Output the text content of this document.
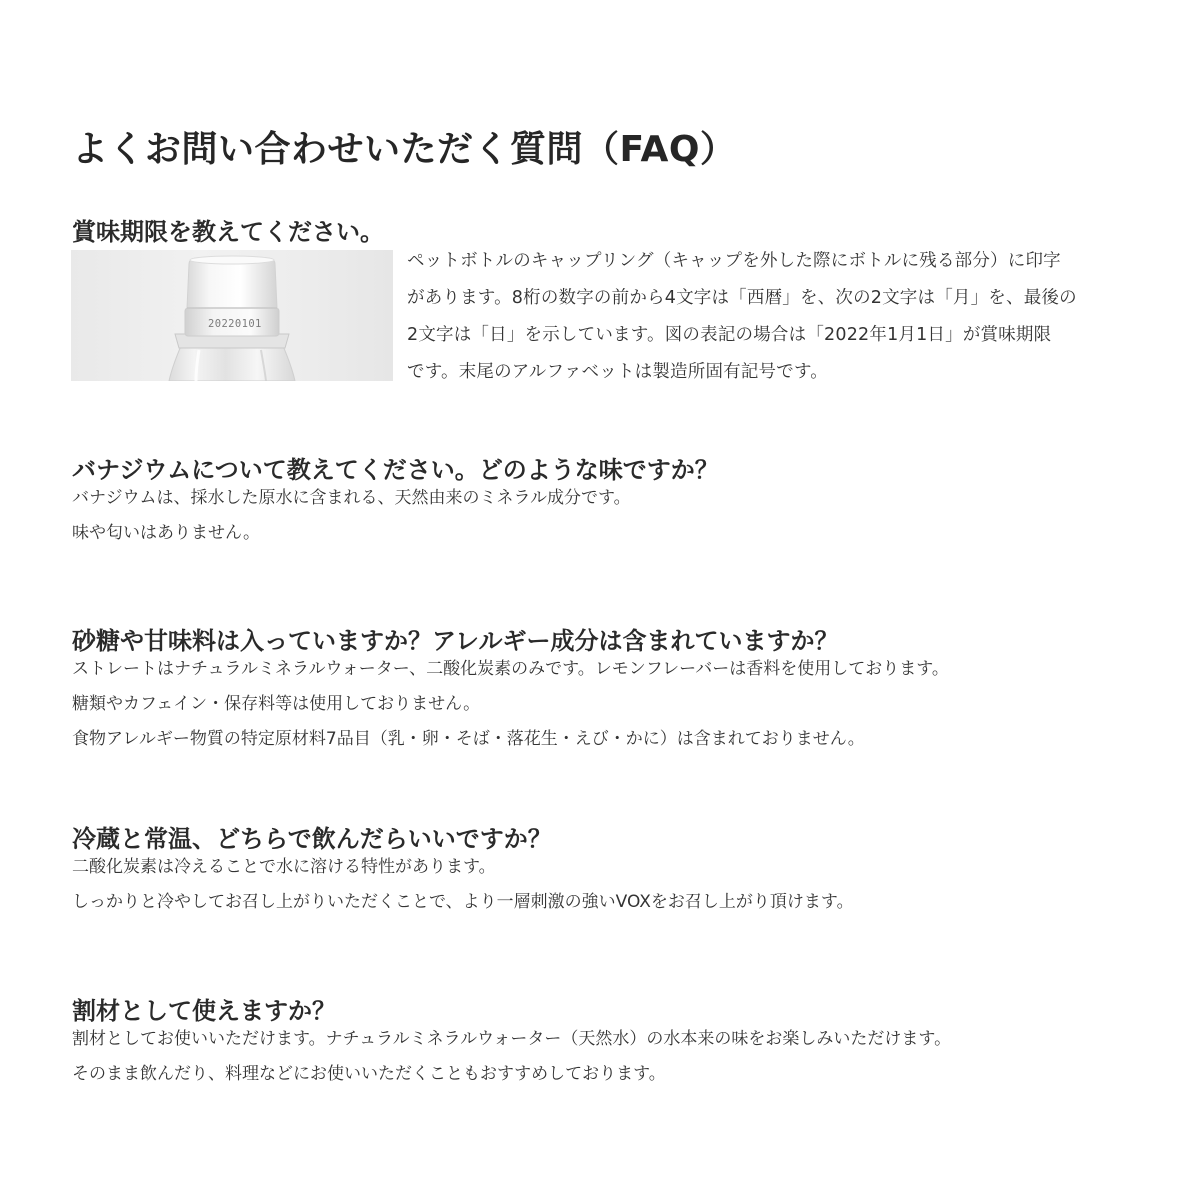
よくお問い合わせいただく質問（FAQ）
賞味期限を教えてください。
20220101
ペットボトルのキャップリング（キャップを外した際にボトルに残る部分）に印字
があります。8桁の数字の前から4文字は「西暦」を、次の2文字は「月」を、最後の
2文字は「日」を示しています。図の表記の場合は「2022年1月1日」が賞味期限
です。末尾のアルファベットは製造所固有記号です。
バナジウムについて教えてください。どのような味ですか？
バナジウムは、採水した原水に含まれる、天然由来のミネラル成分です。
味や匂いはありません。
砂糖や甘味料は入っていますか？アレルギー成分は含まれていますか？
ストレートはナチュラルミネラルウォーター、二酸化炭素のみです。レモンフレーバーは香料を使用しております。
糖類やカフェイン・保存料等は使用しておりません。
食物アレルギー物質の特定原材料7品目（乳・卵・そば・落花生・えび・かに）は含まれておりません。
冷蔵と常温、どちらで飲んだらいいですか？
二酸化炭素は冷えることで水に溶ける特性があります。
しっかりと冷やしてお召し上がりいただくことで、より一層刺激の強いVOXをお召し上がり頂けます。
割材として使えますか？
割材としてお使いいただけます。ナチュラルミネラルウォーター（天然水）の水本来の味をお楽しみいただけます。
そのまま飲んだり、料理などにお使いいただくこともおすすめしております。
